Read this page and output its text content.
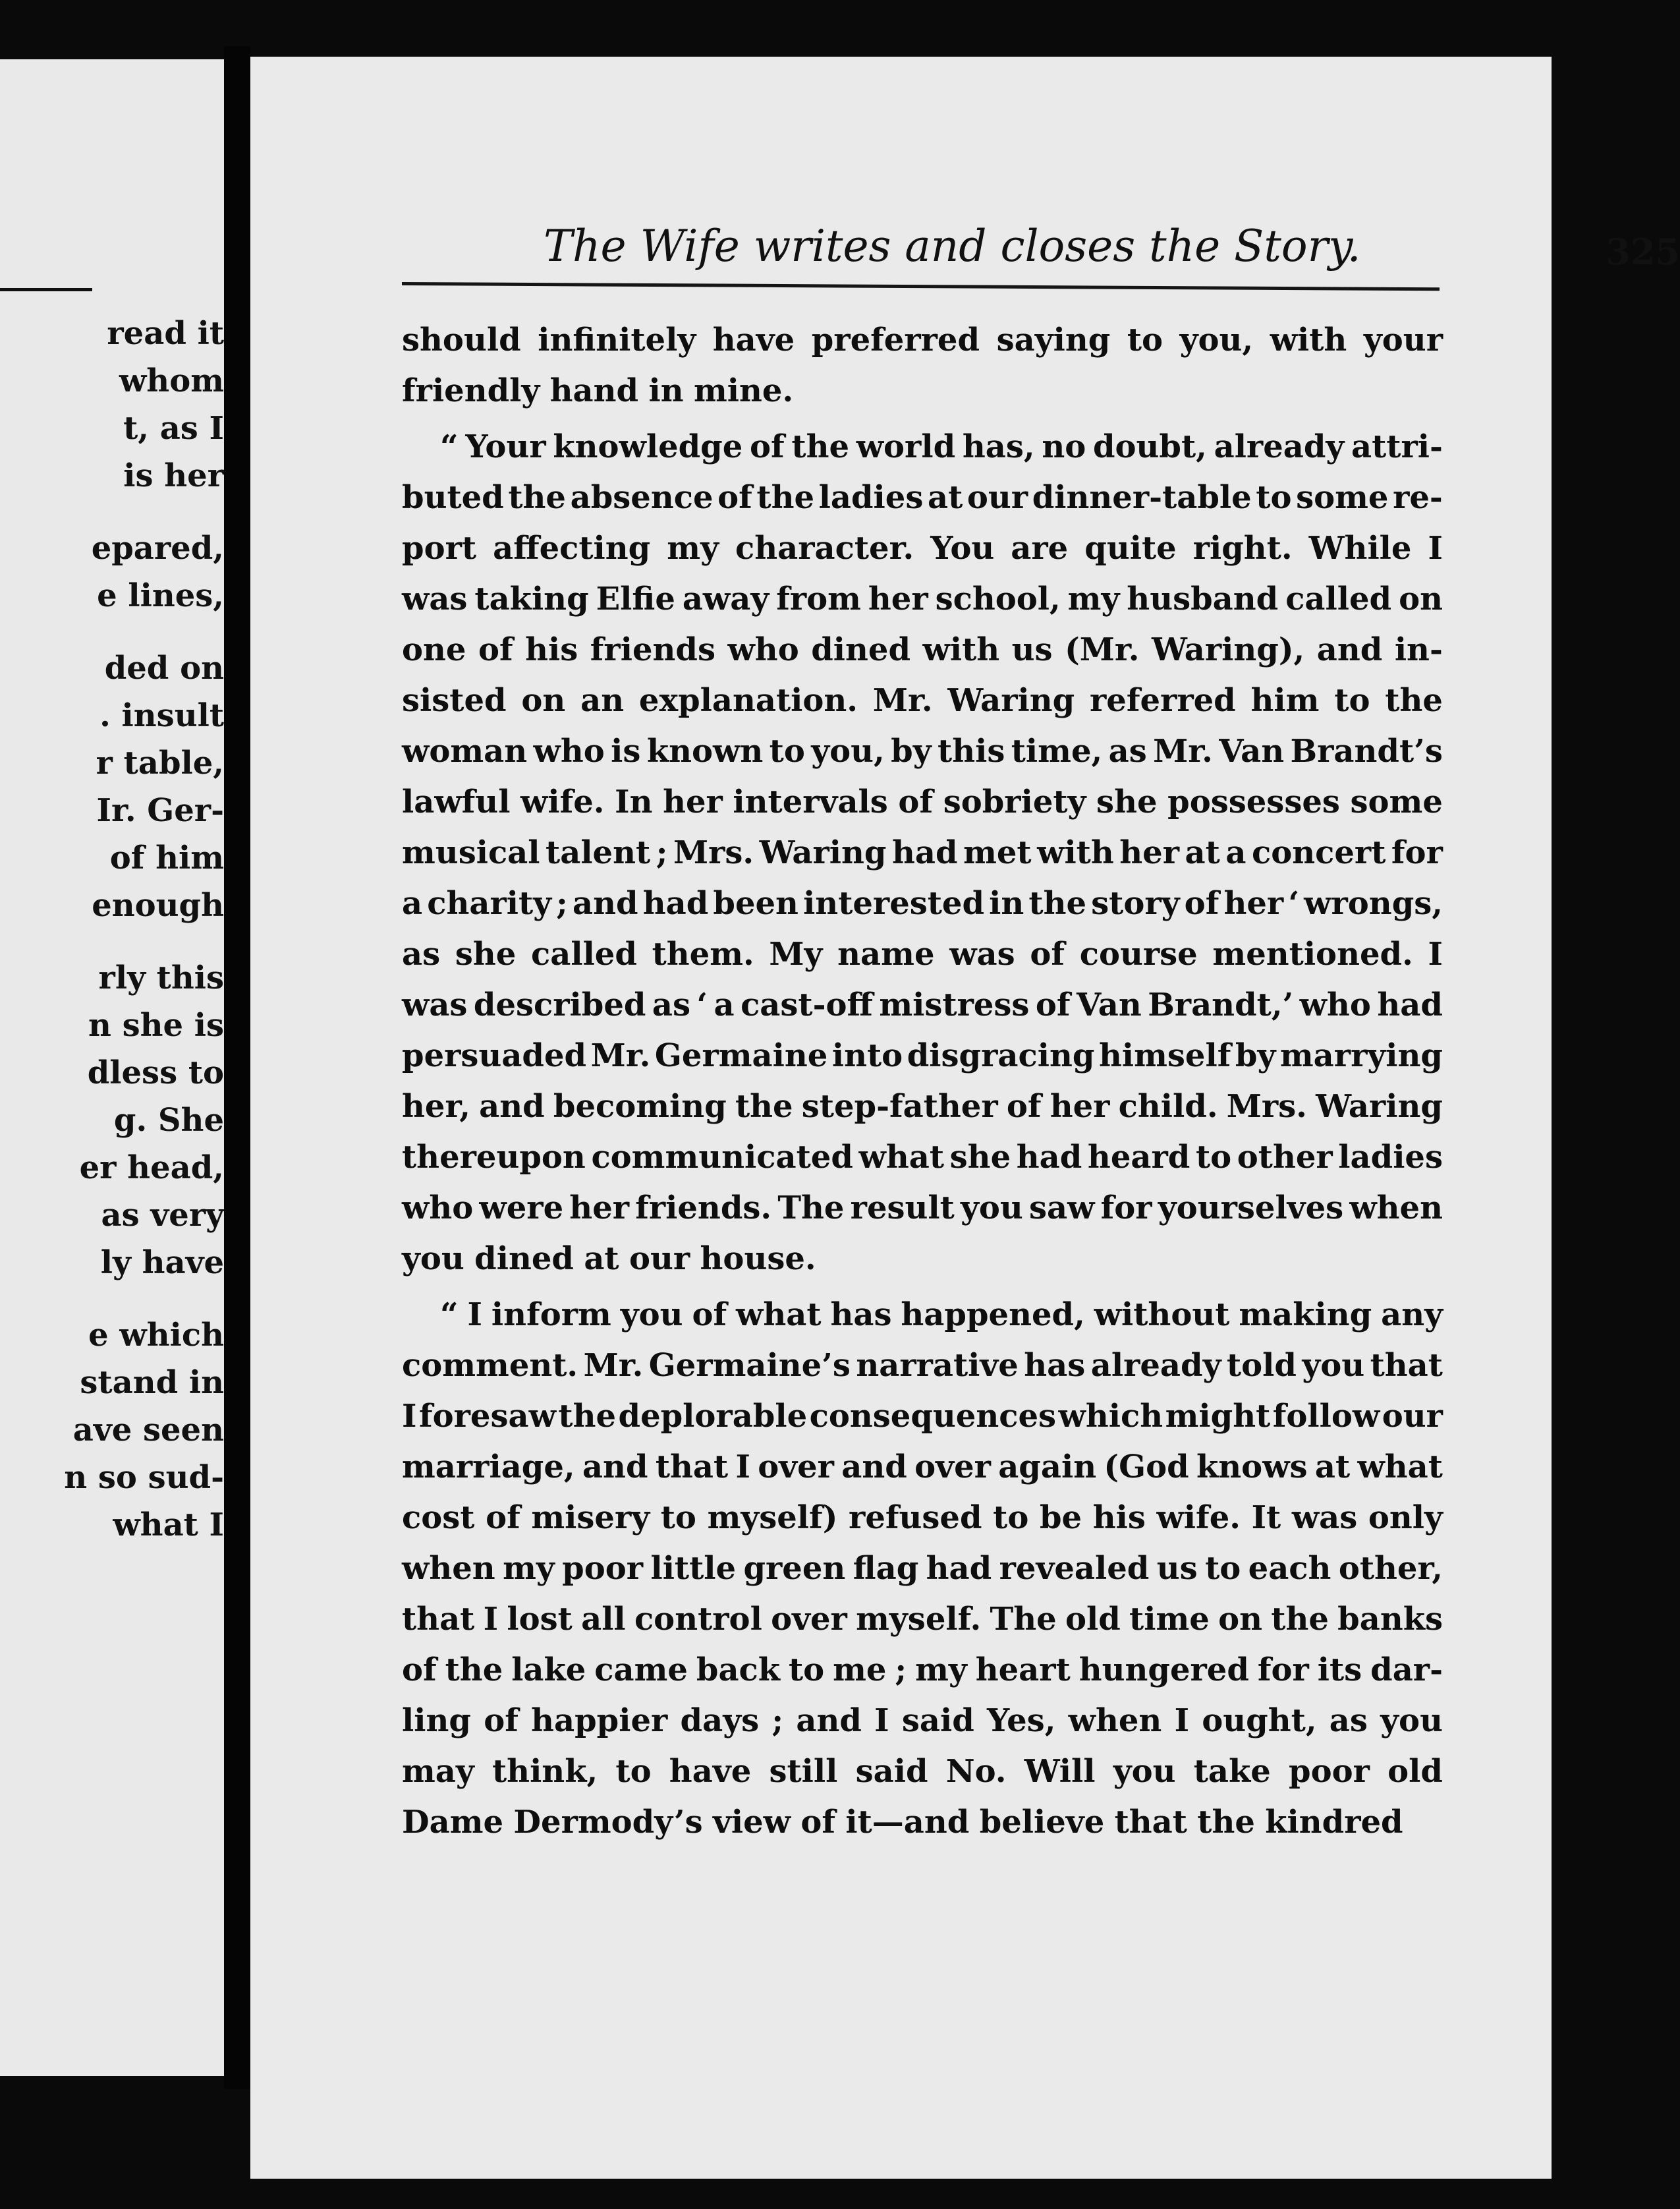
read it
whom
t, as I
is her
epared,
e lines,
ded on
. insult
r table,
Ir. Ger-
of him
enough
rly this
n she is
dless to
g. She
er head,
as very
ly have
e which
stand in
ave seen
n so sud-
what I
The Wife writes and closes the Story.	325
should infinitely have preferred saying to you, with your
friendly hand in mine.
“ Your knowledge of the world has, no doubt, already attri-
buted the absence of the ladies at our dinner-table to some re-
port affecting my character. You are quite right. While I
was taking Elfie away from her school, my husband called on
one of his friends who dined with us (Mr. Waring), and in-
sisted on an explanation. Mr. Waring referred him to the
woman who is known to you, by this time, as Mr. Van Brandt’s
lawful wife. In her intervals of sobriety she possesses some
musical talent ; Mrs. Waring had met with her at a concert for
a charity ; and had been interested in the story of her ‘ wrongs,
as she called them. My name was of course mentioned. I
was described as ‘ a cast-off mistress of Van Brandt,’ who had
persuaded Mr. Germaine into disgracing himself by marrying
her, and becoming the step-father of her child. Mrs. Waring
thereupon communicated what she had heard to other ladies
who were her friends. The result you saw for yourselves when
you dined at our house.
“ I inform you of what has happened, without making any
comment. Mr. Germaine’s narrative has already told you that
I foresaw the deplorable consequences which might follow our
marriage, and that I over and over again (God knows at what
cost of misery to myself) refused to be his wife. It was only
when my poor little green flag had revealed us to each other,
that I lost all control over myself. The old time on the banks
of the lake came back to me ; my heart hungered for its dar-
ling of happier days ; and I said Yes, when I ought, as you
may think, to have still said No. Will you take poor old
Dame Dermody’s view of it—and believe that the kindred
